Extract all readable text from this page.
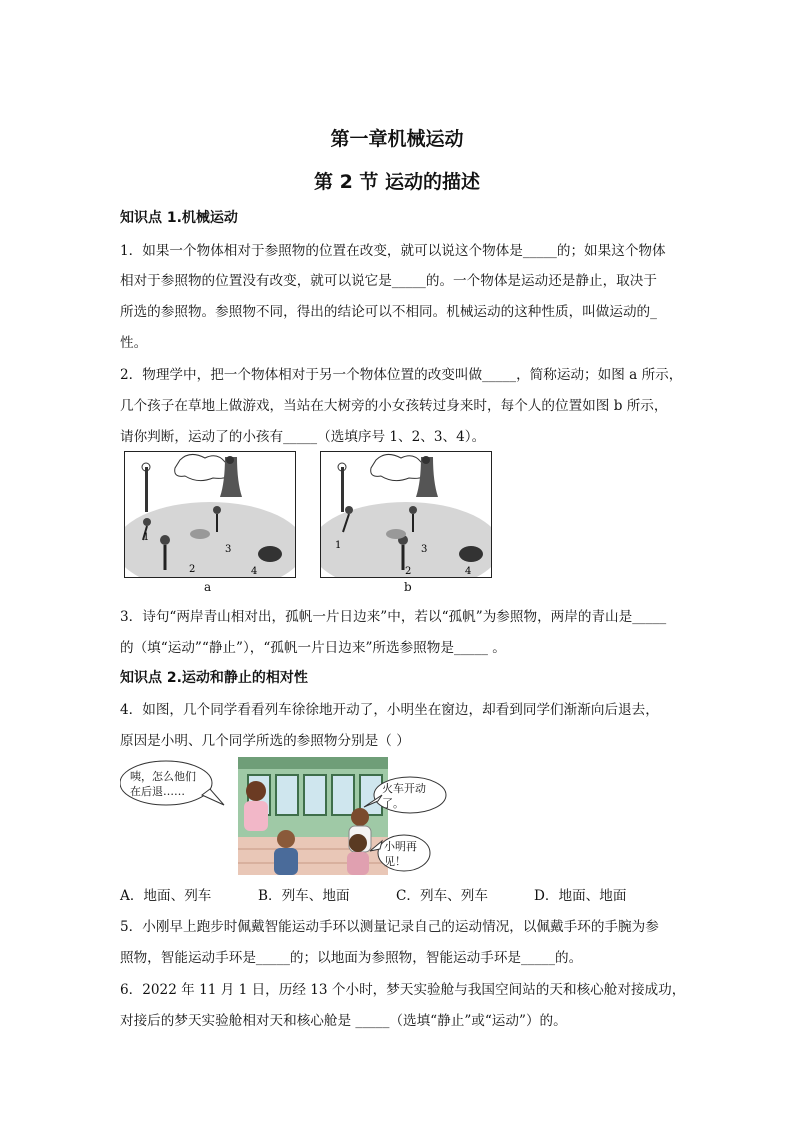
第一章机械运动
第 2 节 运动的描述
知识点 1.机械运动
1．如果一个物体相对于参照物的位置在改变，就可以说这个物体是_____的；如果这个物体
相对于参照物的位置没有改变，就可以说它是_____的。一个物体是运动还是静止，取决于
所选的参照物。参照物不同，得出的结论可以不相同。机械运动的这种性质，叫做运动的_
性。
2．物理学中，把一个物体相对于另一个物体位置的改变叫做_____，简称运动；如图 a 所示，
几个孩子在草地上做游戏，当站在大树旁的小女孩转过身来时，每个人的位置如图 b 所示，
请你判断，运动了的小孩有_____（选填序号 1、2、3、4）。
1
2
3
4
a
1
2
3
4
b
3．诗句“两岸青山相对出，孤帆一片日边来”中，若以“孤帆”为参照物，两岸的青山是_____
的（填“运动”“静止”），“孤帆一片日边来”所选参照物是_____ 。
知识点 2.运动和静止的相对性
4．如图，几个同学看看列车徐徐地开动了，小明坐在窗边，却看到同学们渐渐向后退去，
原因是小明、几个同学所选的参照物分别是（ ）
咦，怎么他们在后退……	火车开动了。
小明再见！
A．地面、列车	B．列车、地面	C．列车、列车	D．地面、地面
5．小刚早上跑步时佩戴智能运动手环以测量记录自己的运动情况，以佩戴手环的手腕为参
照物，智能运动手环是_____的；以地面为参照物，智能运动手环是_____的。
6．2022 年 11 月 1 日，历经 13 个小时，梦天实验舱与我国空间站的天和核心舱对接成功，
对接后的梦天实验舱相对天和核心舱是 _____（选填“静止”或“运动”）的。
